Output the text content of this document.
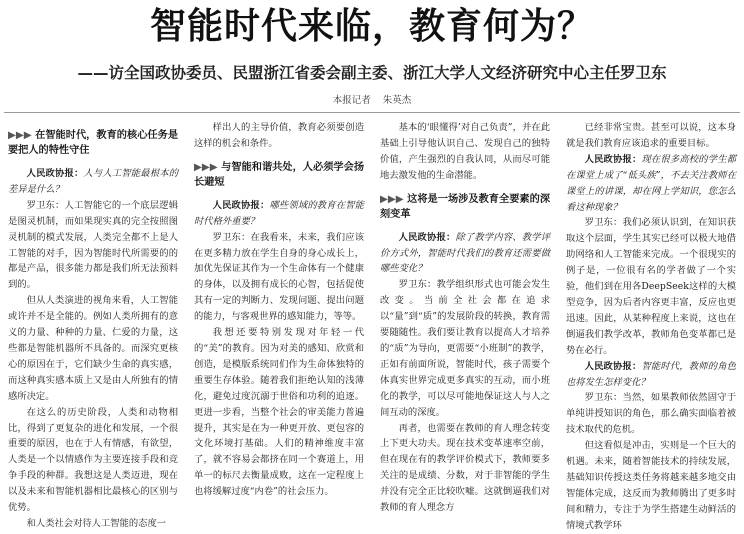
智能时代来临，教育何为？
——访全国政协委员、民盟浙江省委会副主委、浙江大学人文经济研究中心主任罗卫东
本报记者 朱英杰
▶▶▶ 在智能时代，教育的核心任务是要把人的特性守住

人民政协报：人与人工智能最根本的差异是什么？

罗卫东：人工智能它的一个底层逻辑是图灵机制，而如果现实真的完全按照图灵机制的模式发展，人类完全都不上是人工智能的对手，因为智能时代所需要的的都是产品，很多能力都是我们所无法预料到的。

但从人类演进的视角来看，人工智能或许并不是全能的。例如人类所拥有的意义的力量、种种的力量、仁爱的力量，这些都是智能机器所不具备的。而深究更核心的原因在于，它们缺少生命的真实感，而这种真实感本质上又是由人所独有的情感所决定。

在这么的历史阶段，人类和动物相比，得到了更复杂的进化和发展，一个很重要的原因，也在于人有情感，有欲望，人类是一个以情感作为主要连接手段和竞争手段的种群。我想这是人类迈进，现在以及未来和智能机器相比最核心的区别与优势。

和人类社会对待人工智能的态度一

样出人的主导价值，教育必须要创造这样的机会和条件。

▶▶▶ 与智能和谐共处，人必须学会扬长避短

人民政协报：哪些领域的教育在智能时代格外重要？

罗卫东：在我看来，未来，我们应该在更多精力放在学生自身的身心成长上，加优先保证其作为一个生命体有一个健康的身体，以及拥有成长的心智，包括促使其有一定的判断力、发现问题、提出问题的能力，与客观世界的感知能力，等等。

我想还要特别发现对年轻一代的“美”的教育。因为对美的感知、欣赏和创造，是模版系统同们作为生命体独特的重要生存体验。随着我们拒绝认知的浅薄化，避免过度沉溺于世俗和功利的追逐。更进一步看，当整个社会的审美能力普遍提升，其实是在为一种更开放、更包容的文化环境打基础。人们的精神维度丰富了，就不容易会都挤在同一个赛道上，用单一的标尺去衡量成败，这在一定程度上也将缓解过度“内卷”的社会压力。

基本的‘眼懂得’对自己负责”，并在此基础上引导他认识自己、发现自己的独特价值，产生强烈的自我认同，从而尽可能地去激发他的生命潜能。

▶▶▶ 这将是一场涉及教育全要素的深刻变革

人民政协报：除了教学内容、教学评价方式外，智能时代我们的教育还需要做哪些变化？

罗卫东：教学组织形式也可能会发生改变。当前全社会都在追求以“量”到“质”的发展阶段的转换，教育需要随随性。我们要让教育以提高人才培养的“质”为导向，更需要“小班制”的教学，正如有前面所说，智能时代，孩子需要个体真实世界完成更多真实的互动，而小班化的教学，可以尽可能地保证这人与人之间互动的深度。

再者，也需要在教师的育人理念转变上下更大功夫。现在技术变革速率空前，但在现在有的教学评价模式下，教师要多关注的是成绩、分数，对于非智能的学生并没有完全正比较吹嘘。这就倒逼我们对教师的育人理念方

已经非常宝贵。甚至可以说，这本身就是我们教育应该追求的重要目标。

人民政协报：现在很多高校的学生都在课堂上成了“低头族”，不去关注教师在课堂上的讲课，却在网上学知识，您怎么看这种现象？

罗卫东：我们必须认识到，在知识获取这个层面，学生其实已经可以极大地借助网络和人工智能来完成。一个很现实的例子是，一位很有名的学者做了一个实验，他们到在用各DeepSeek这样的大模型竞争，因为后者内容更丰富，反应也更迅速。因此，从某种程度上来说，这也在倒逼我们教学改革，教师角色变革都已是势在必行。

人民政协报：智能时代，教师的角色也将发生怎样变化？

罗卫东：当然，如果教师依然固守于单纯讲授知识的角色，那么确实面临着被技术取代的危机。

但这看似是冲击，实则是一个巨大的机遇。未来，随着智能技术的持续发展，基础知识传授这类任务将越来越多地交由智能体完成，这反而为教师腾出了更多时间和精力，专注于为学生搭建生动鲜活的情境式教学环
